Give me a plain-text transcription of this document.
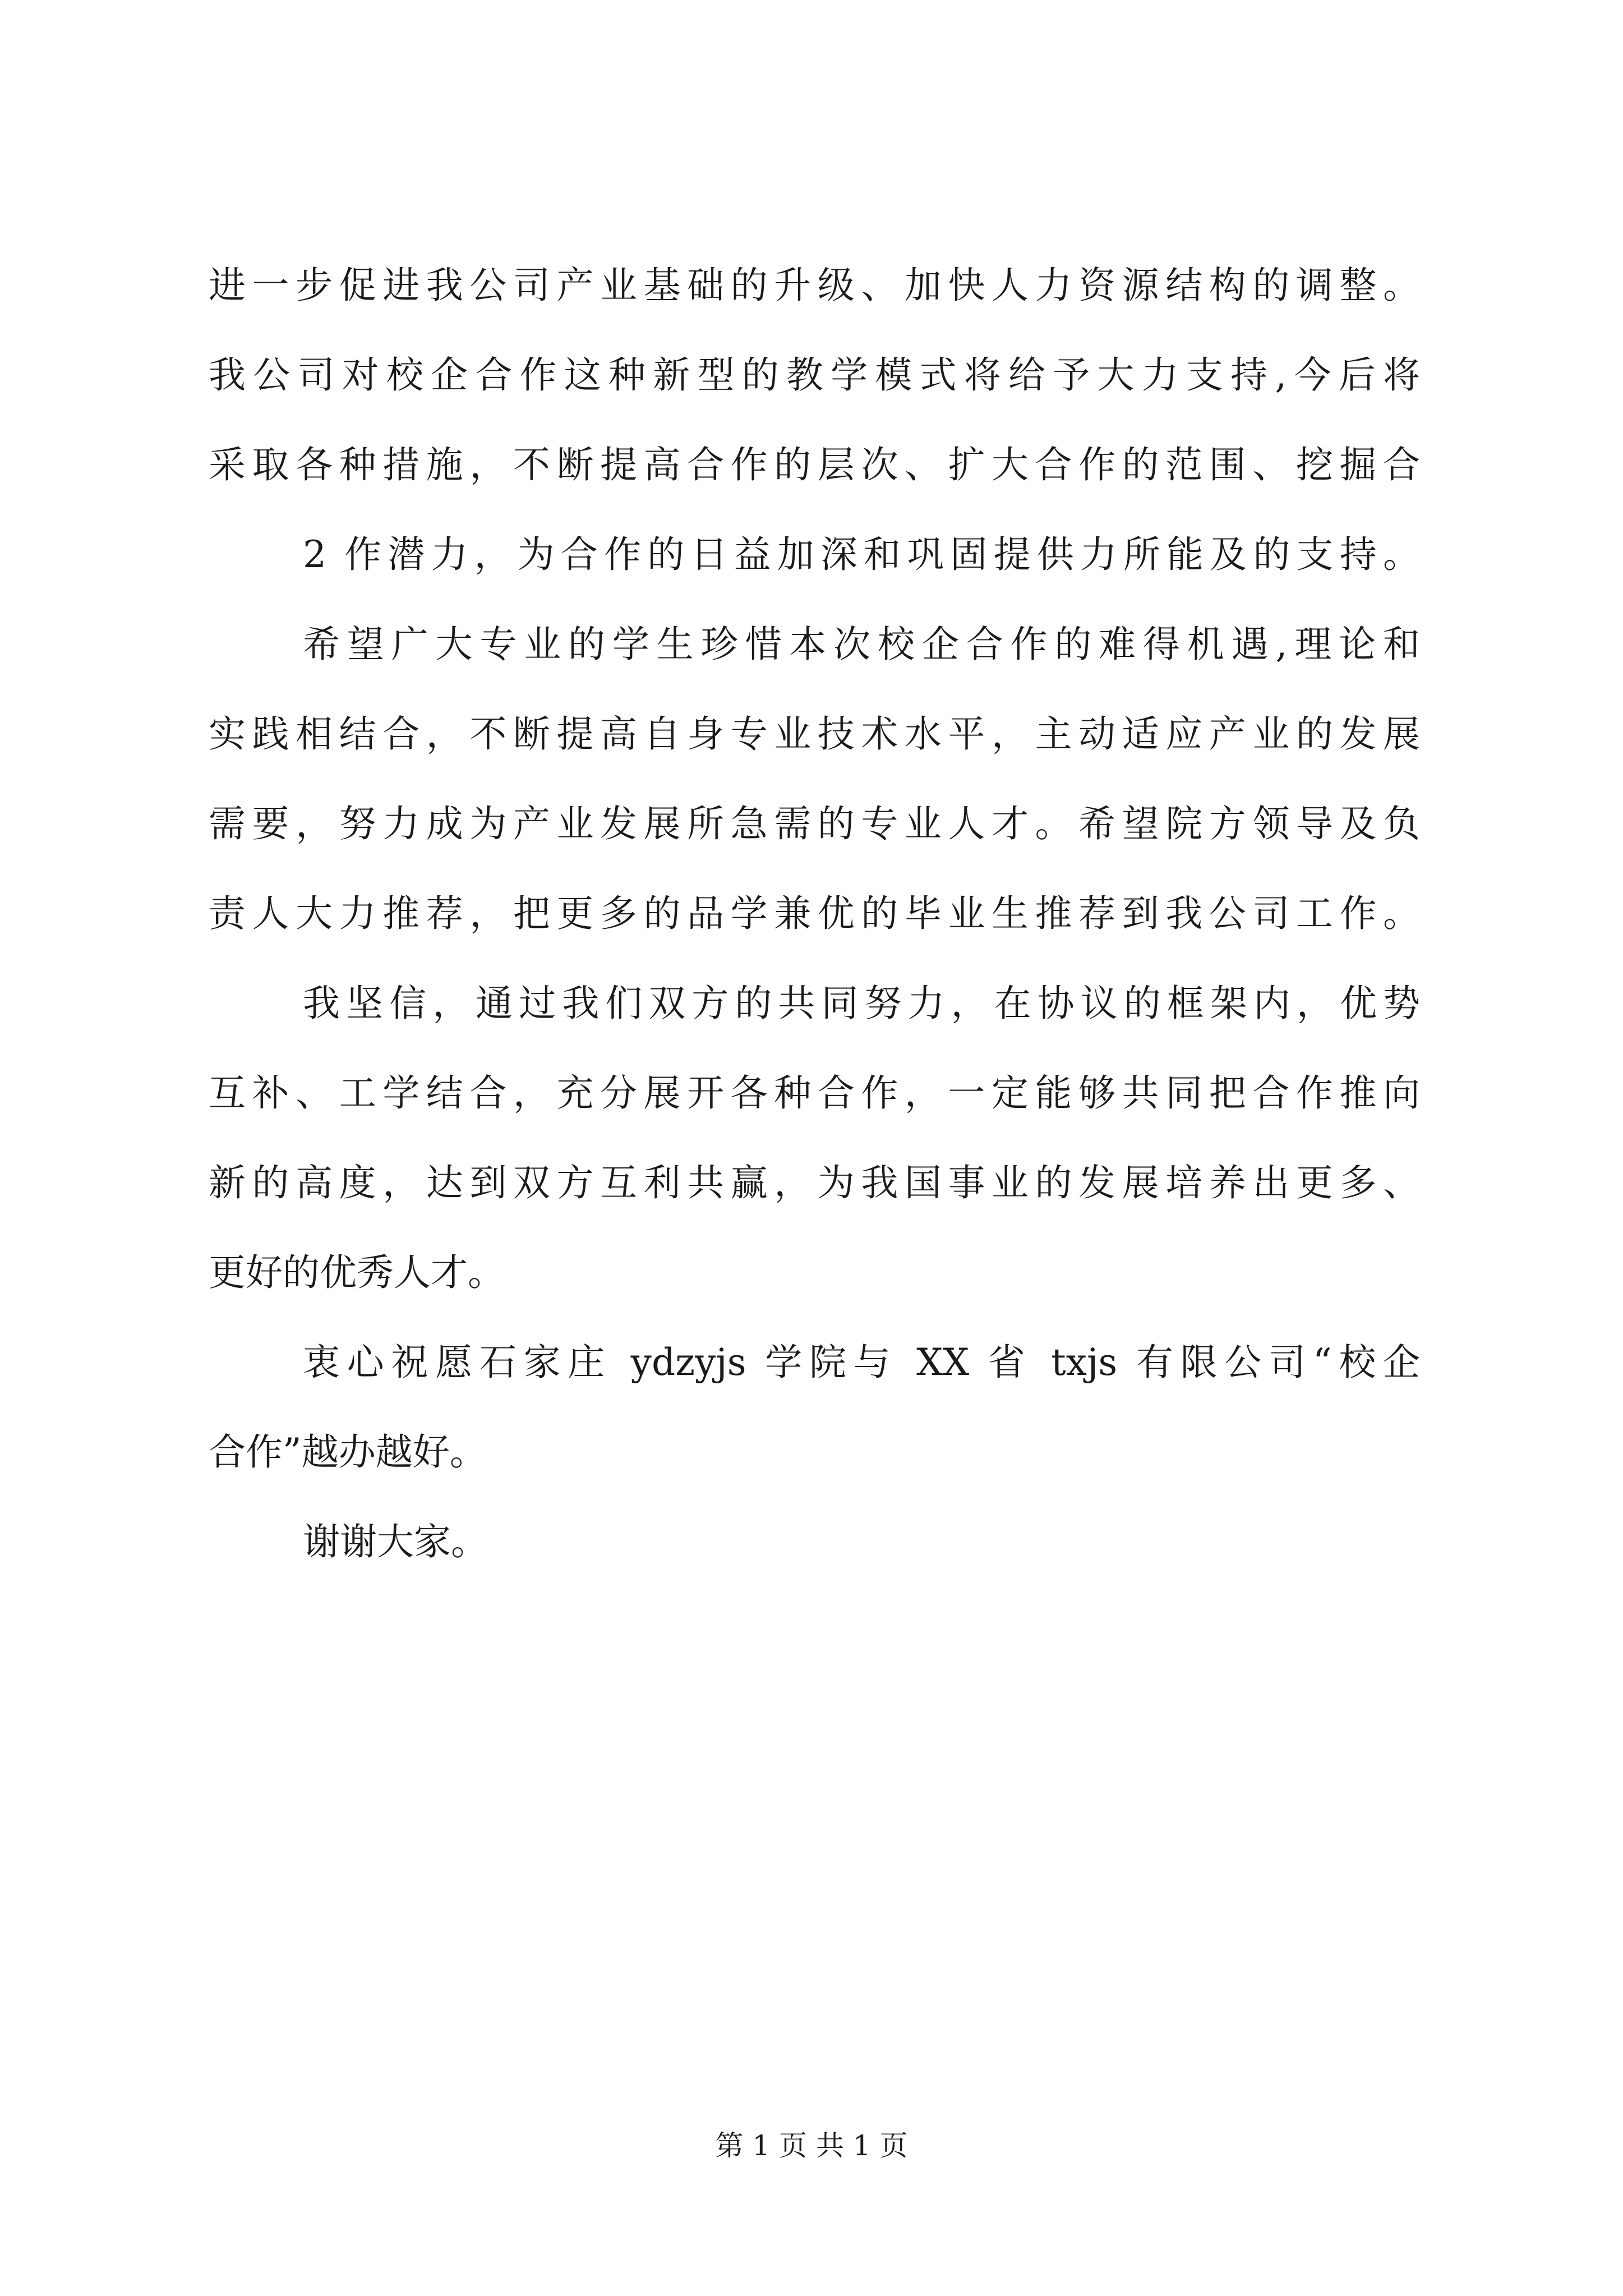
进一步促进我公司产业基础的升级、加快人力资源结构的调整。
我公司对校企合作这种新型的教学模式将给予大力支持,今后将
采取各种措施，不断提高合作的层次、扩大合作的范围、挖掘合
2 作潜力，为合作的日益加深和巩固提供力所能及的支持。
希望广大专业的学生珍惜本次校企合作的难得机遇,理论和
实践相结合，不断提高自身专业技术水平，主动适应产业的发展
需要，努力成为产业发展所急需的专业人才。希望院方领导及负
责人大力推荐，把更多的品学兼优的毕业生推荐到我公司工作。
我坚信，通过我们双方的共同努力，在协议的框架内，优势
互补、工学结合，充分展开各种合作，一定能够共同把合作推向
新的高度，达到双方互利共赢，为我国事业的发展培养出更多、
更好的优秀人才。
衷心祝愿石家庄 ydzyjs 学院与 XX 省 txjs 有限公司“校企
合作”越办越好。
谢谢大家。
第 1 页 共 1 页
